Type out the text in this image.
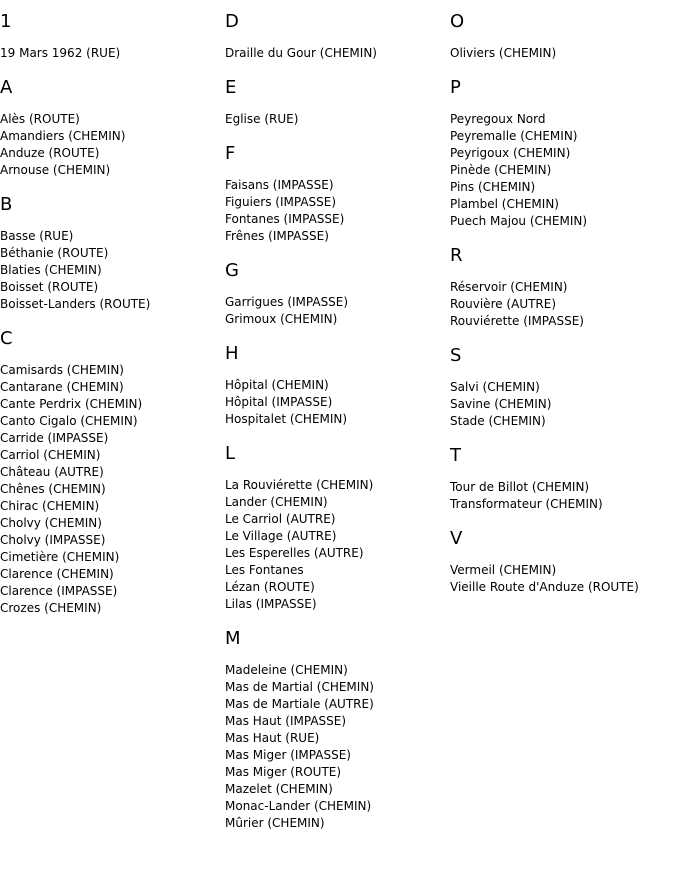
1
19 Mars 1962 (RUE)
A
Alès (ROUTE)
Amandiers (CHEMIN)
Anduze (ROUTE)
Arnouse (CHEMIN)
B
Basse (RUE)
Béthanie (ROUTE)
Blaties (CHEMIN)
Boisset (ROUTE)
Boisset-Landers (ROUTE)
C
Camisards (CHEMIN)
Cantarane (CHEMIN)
Cante Perdrix (CHEMIN)
Canto Cigalo (CHEMIN)
Carride (IMPASSE)
Carriol (CHEMIN)
Château (AUTRE)
Chênes (CHEMIN)
Chirac (CHEMIN)
Cholvy (CHEMIN)
Cholvy (IMPASSE)
Cimetière (CHEMIN)
Clarence (CHEMIN)
Clarence (IMPASSE)
Crozes (CHEMIN)
D
Draille du Gour (CHEMIN)
E
Eglise (RUE)
F
Faisans (IMPASSE)
Figuiers (IMPASSE)
Fontanes (IMPASSE)
Frênes (IMPASSE)
G
Garrigues (IMPASSE)
Grimoux (CHEMIN)
H
Hôpital (CHEMIN)
Hôpital (IMPASSE)
Hospitalet (CHEMIN)
L
La Rouviérette (CHEMIN)
Lander (CHEMIN)
Le Carriol (AUTRE)
Le Village (AUTRE)
Les Esperelles (AUTRE)
Les Fontanes
Lézan (ROUTE)
Lilas (IMPASSE)
M
Madeleine (CHEMIN)
Mas de Martial (CHEMIN)
Mas de Martiale (AUTRE)
Mas Haut (IMPASSE)
Mas Haut (RUE)
Mas Miger (IMPASSE)
Mas Miger (ROUTE)
Mazelet (CHEMIN)
Monac-Lander (CHEMIN)
Mûrier (CHEMIN)
O
Oliviers (CHEMIN)
P
Peyregoux Nord
Peyremalle (CHEMIN)
Peyrigoux (CHEMIN)
Pinède (CHEMIN)
Pins (CHEMIN)
Plambel (CHEMIN)
Puech Majou (CHEMIN)
R
Réservoir (CHEMIN)
Rouvière (AUTRE)
Rouviérette (IMPASSE)
S
Salvi (CHEMIN)
Savine (CHEMIN)
Stade (CHEMIN)
T
Tour de Billot (CHEMIN)
Transformateur (CHEMIN)
V
Vermeil (CHEMIN)
Vieille Route d'Anduze (ROUTE)
